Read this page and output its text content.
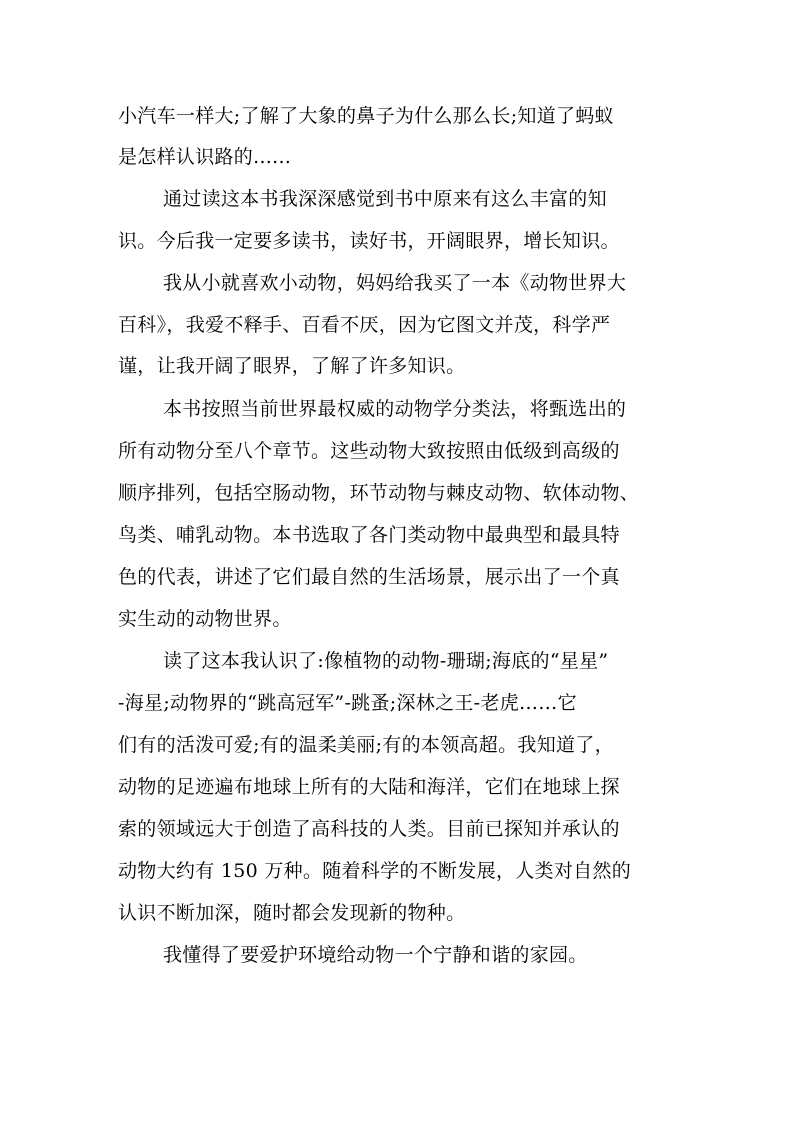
小汽车一样大;了解了大象的鼻子为什么那么长;知道了蚂蚁
是怎样认识路的......
通过读这本书我深深感觉到书中原来有这么丰富的知
识。今后我一定要多读书，读好书，开阔眼界，增长知识。
我从小就喜欢小动物，妈妈给我买了一本《动物世界大
百科》，我爱不释手、百看不厌，因为它图文并茂，科学严
谨，让我开阔了眼界，了解了许多知识。
本书按照当前世界最权威的动物学分类法，将甄选出的
所有动物分至八个章节。这些动物大致按照由低级到高级的
顺序排列，包括空肠动物，环节动物与棘皮动物、软体动物、
鸟类、哺乳动物。本书选取了各门类动物中最典型和最具特
色的代表，讲述了它们最自然的生活场景，展示出了一个真
实生动的动物世界。
读了这本我认识了:像植物的动物-珊瑚;海底的“星星”
-海星;动物界的“跳高冠军”-跳蚤;深林之王-老虎……它
们有的活泼可爱;有的温柔美丽;有的本领高超。我知道了，
动物的足迹遍布地球上所有的大陆和海洋，它们在地球上探
索的领域远大于创造了高科技的人类。目前已探知并承认的
动物大约有 150 万种。随着科学的不断发展，人类对自然的
认识不断加深，随时都会发现新的物种。
我懂得了要爱护环境给动物一个宁静和谐的家园。
